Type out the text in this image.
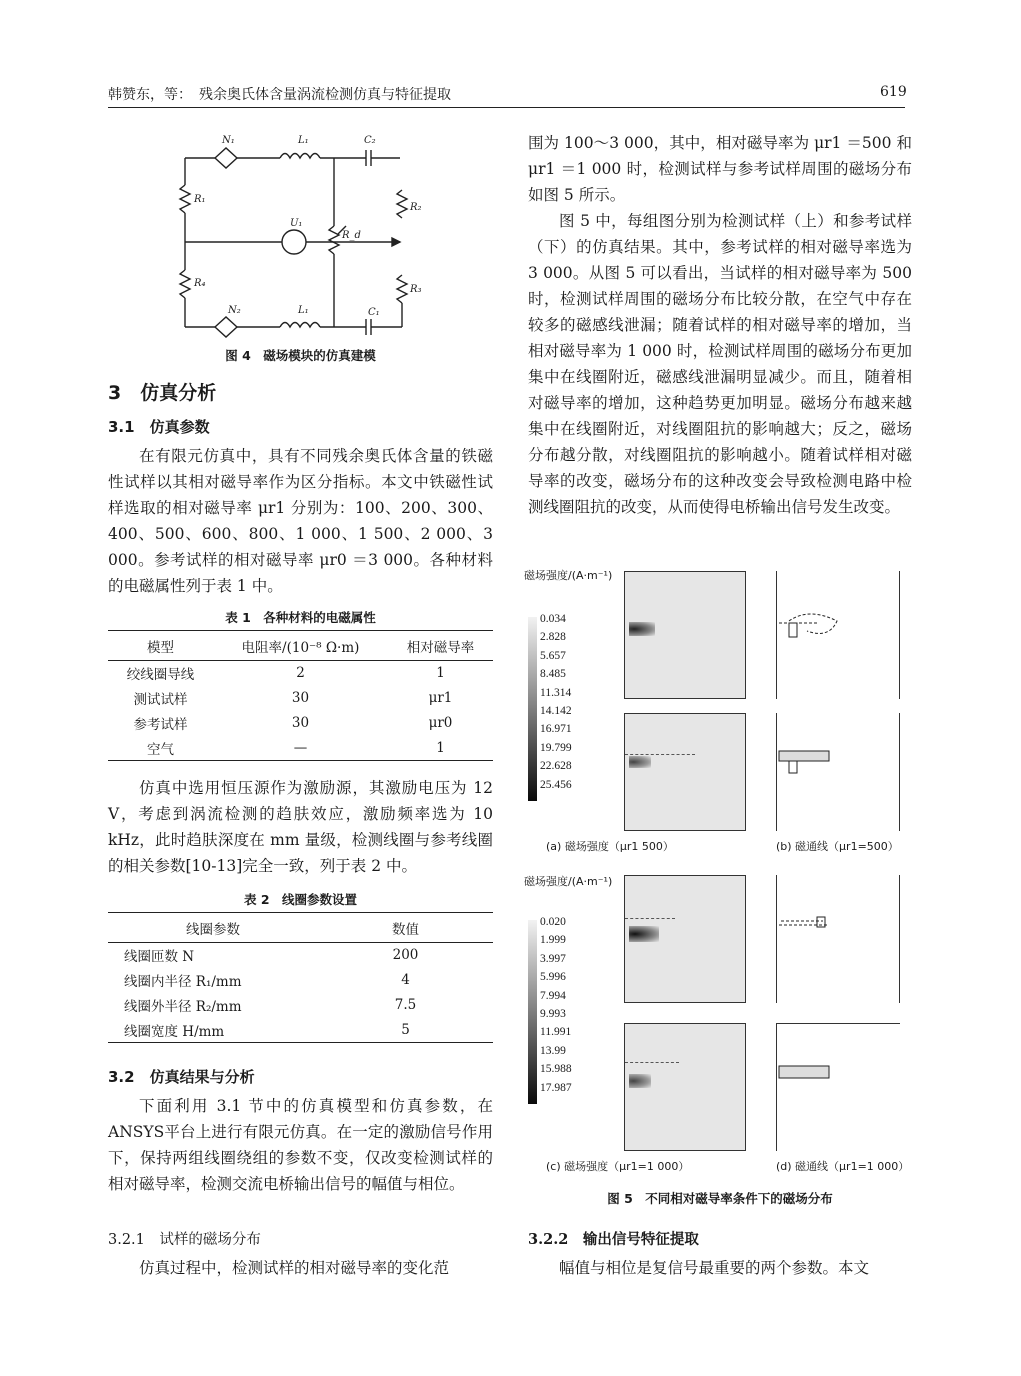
韩赞东，等：　残余奥氏体含量涡流检测仿真与特征提取	619
N₁	L₁	C₂
R₁
R₂
U₁
R_d
R₄
R₃
N₂	L₁	C₁
图 4　磁场模块的仿真建模
3　仿真分析
3.1　仿真参数

在有限元仿真中，具有不同残余奥氏体含量的铁磁性试样以其相对磁导率作为区分指标。本文中铁磁性试样选取的相对磁导率 μr1 分别为：100、200、300、400、500、600、800、1 000、1 500、2 000、3 000。参考试样的相对磁导率 μr0 ＝3 000。各种材料的电磁属性列于表 1 中。

表 1　各种材料的电磁属性
模型	电阻率/(10⁻⁸ Ω·m)	相对磁导率
绞线圈导线	2	1
测试试样	30	μr1
参考试样	30	μr0
空气	—	1

仿真中选用恒压源作为激励源，其激励电压为 12 V，考虑到涡流检测的趋肤效应，激励频率选为 10 kHz，此时趋肤深度在 mm 量级，检测线圈与参考线圈的相关参数[10-13]完全一致，列于表 2 中。

表 2　线圈参数设置
线圈参数	数值
线圈匝数 N	200
线圈内半径 R₁/mm	4
线圈外半径 R₂/mm	7.5
线圈宽度 H/mm	5
3.2　仿真结果与分析

下面利用 3.1 节中的仿真模型和仿真参数，在ANSYS平台上进行有限元仿真。在一定的激励信号作用下，保持两组线圈绕组的参数不变，仅改变检测试样的相对磁导率，检测交流电桥输出信号的幅值与相位。

3.2.1　试样的磁场分布

仿真过程中，检测试样的相对磁导率的变化范

围为 100～3 000，其中，相对磁导率为 μr1 ＝500 和 μr1 ＝1 000 时，检测试样与参考试样周围的磁场分布如图 5 所示。

图 5 中，每组图分别为检测试样（上）和参考试样（下）的仿真结果。其中，参考试样的相对磁导率选为 3 000。从图 5 可以看出，当试样的相对磁导率为 500 时，检测试样周围的磁场分布比较分散，在空气中存在较多的磁感线泄漏；随着试样的相对磁导率的增加，当相对磁导率为 1 000 时，检测试样周围的磁场分布更加集中在线圈附近，磁感线泄漏明显减少。而且，随着相对磁导率的增加，这种趋势更加明显。磁场分布越来越集中在线圈附近，对线圈阻抗的影响越大；反之，磁场分布越分散，对线圈阻抗的影响越小。随着试样相对磁导率的改变，磁场分布的这种改变会导致检测电路中检测线圈阻抗的改变，从而使得电桥输出信号发生改变。

磁场强度/(A·m⁻¹)
0.034
2.828
5.657
8.485
11.314
14.142
16.971
19.799
22.628
25.456
(a) 磁场强度（μr1 500）	(b) 磁通线（μr1=500）
磁场强度/(A·m⁻¹)
0.020
1.999
3.997
5.996
7.994
9.993
11.991
13.99
15.988
17.987
(c) 磁场强度（μr1=1 000）	(d) 磁通线（μr1=1 000）
图 5　不同相对磁导率条件下的磁场分布
3.2.2　输出信号特征提取

幅值与相位是复信号最重要的两个参数。本文
